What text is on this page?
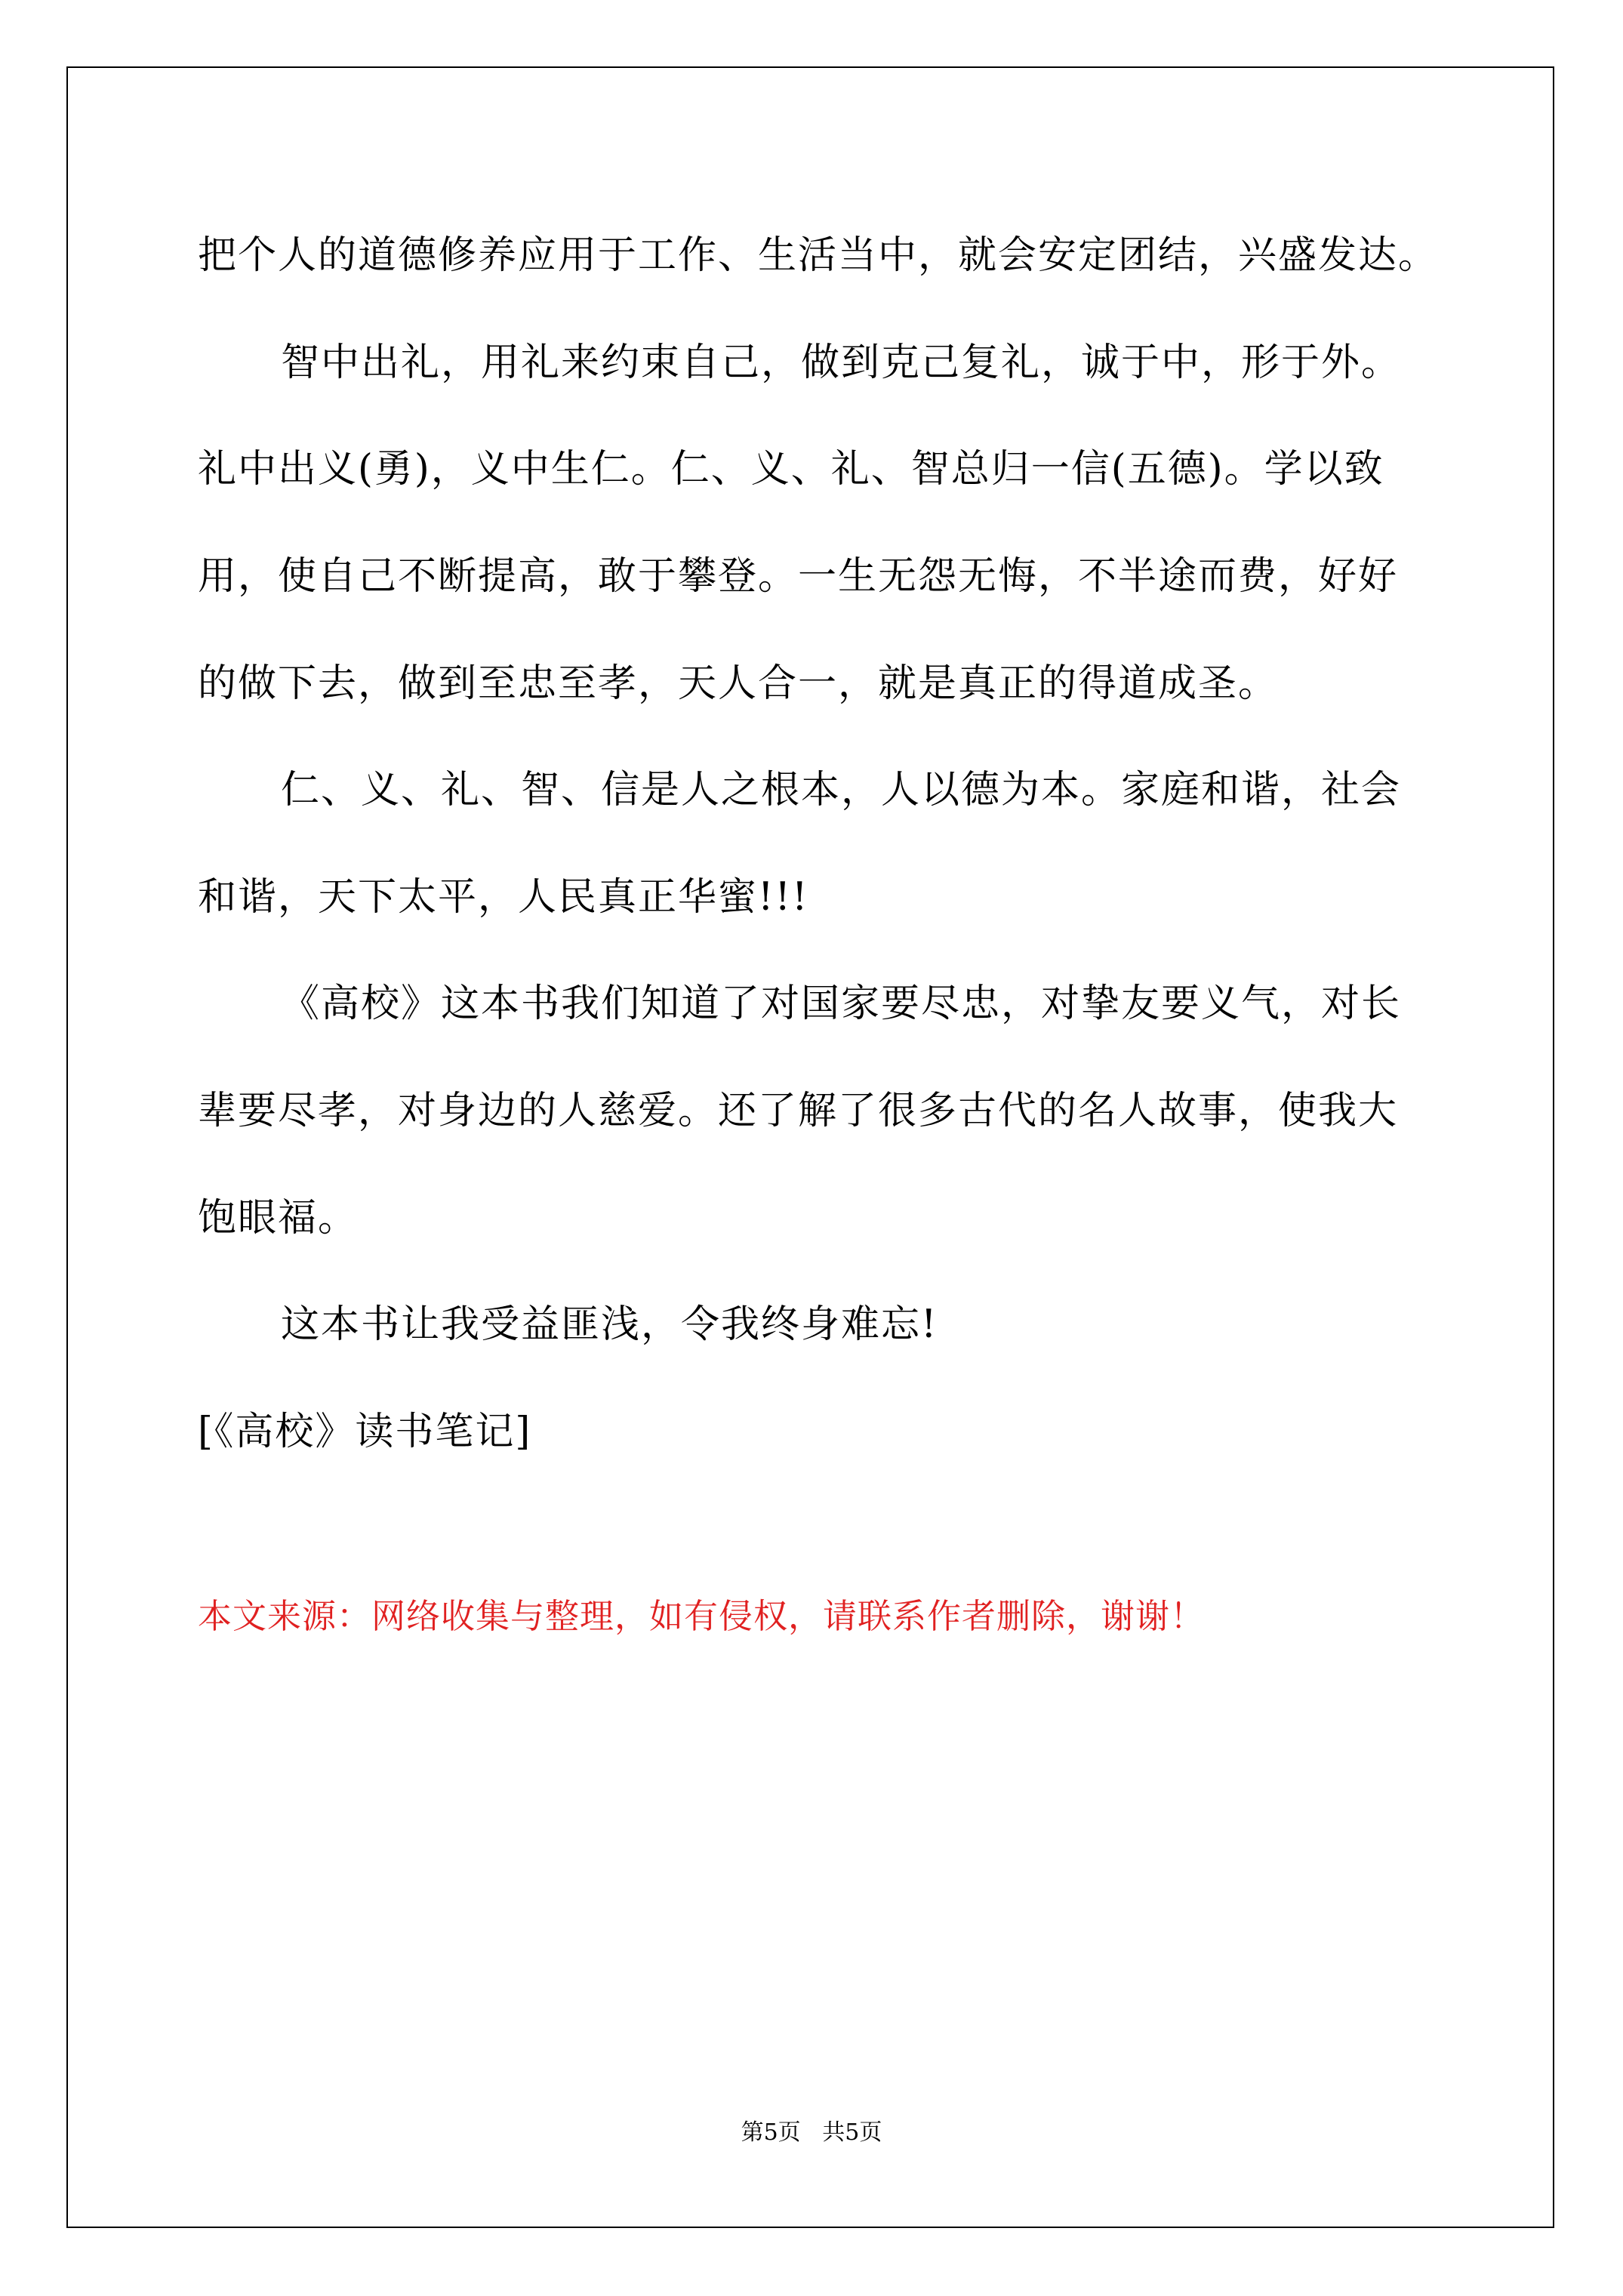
把个人的道德修养应用于工作、生活当中，就会安定团结，兴盛发达。
智中出礼，用礼来约束自己，做到克己复礼，诚于中，形于外。
礼中出义(勇)，义中生仁。仁、义、礼、智总归一信(五德)。学以致
用，使自己不断提高，敢于攀登。一生无怨无悔，不半途而费，好好
的做下去，做到至忠至孝，天人合一，就是真正的得道成圣。
仁、义、礼、智、信是人之根本，人以德为本。家庭和谐，社会
和谐，天下太平，人民真正华蜜!!!
《高校》这本书我们知道了对国家要尽忠，对挚友要义气，对长
辈要尽孝，对身边的人慈爱。还了解了很多古代的名人故事，使我大
饱眼福。
这本书让我受益匪浅，令我终身难忘!
[《高校》读书笔记]
本文来源：网络收集与整理，如有侵权，请联系作者删除，谢谢！
第5页   共5页
